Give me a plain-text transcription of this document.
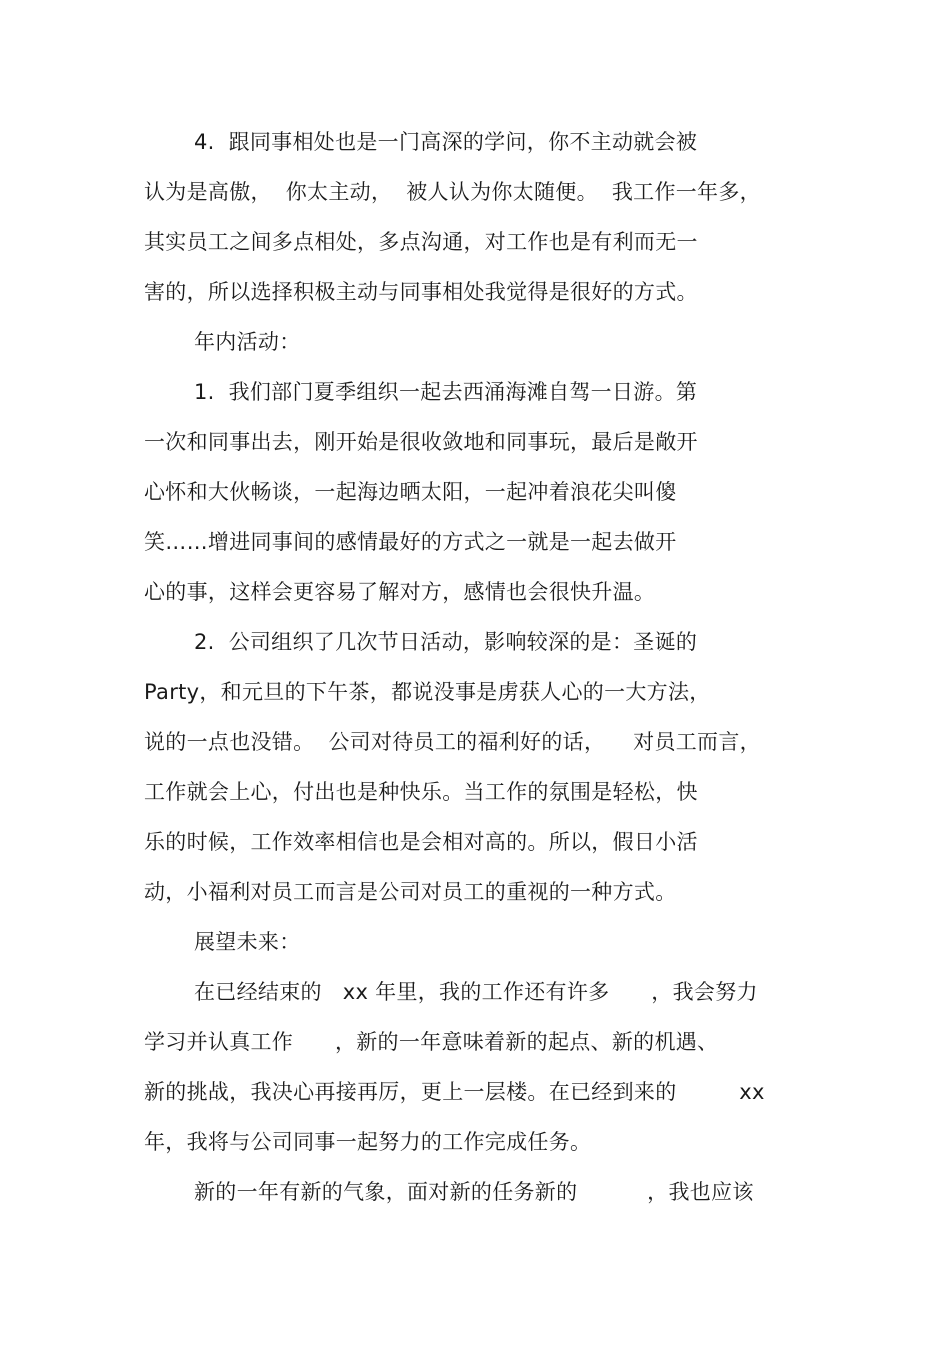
4.  跟同事相处也是一门高深的学问，你不主动就会被
认为是高傲，  你太主动，  被人认为你太随便。  我工作一年多，
其实员工之间多点相处，多点沟通，对工作也是有利而无一
害的，所以选择积极主动与同事相处我觉得是很好的方式。
年内活动：
1.  我们部门夏季组织一起去西涌海滩自驾一日游。第
一次和同事出去，刚开始是很收敛地和同事玩，最后是敞开
心怀和大伙畅谈，一起海边晒太阳，一起冲着浪花尖叫傻
笑……增进同事间的感情最好的方式之一就是一起去做开
心的事，这样会更容易了解对方，感情也会很快升温。
2.  公司组织了几次节日活动，影响较深的是：圣诞的
Party，和元旦的下午茶，都说没事是虏获人心的一大方法，
说的一点也没错。  公司对待员工的福利好的话，    对员工而言，
工作就会上心，付出也是种快乐。当工作的氛围是轻松，快
乐的时候，工作效率相信也是会相对高的。所以，假日小活
动，小福利对员工而言是公司对员工的重视的一种方式。
展望未来：
在已经结束的   xx 年里，我的工作还有许多      ，我会努力
学习并认真工作      ，新的一年意味着新的起点、新的机遇、
新的挑战，我决心再接再厉，更上一层楼。在已经到来的         xx
年，我将与公司同事一起努力的工作完成任务。
新的一年有新的气象，面对新的任务新的          ，我也应该
